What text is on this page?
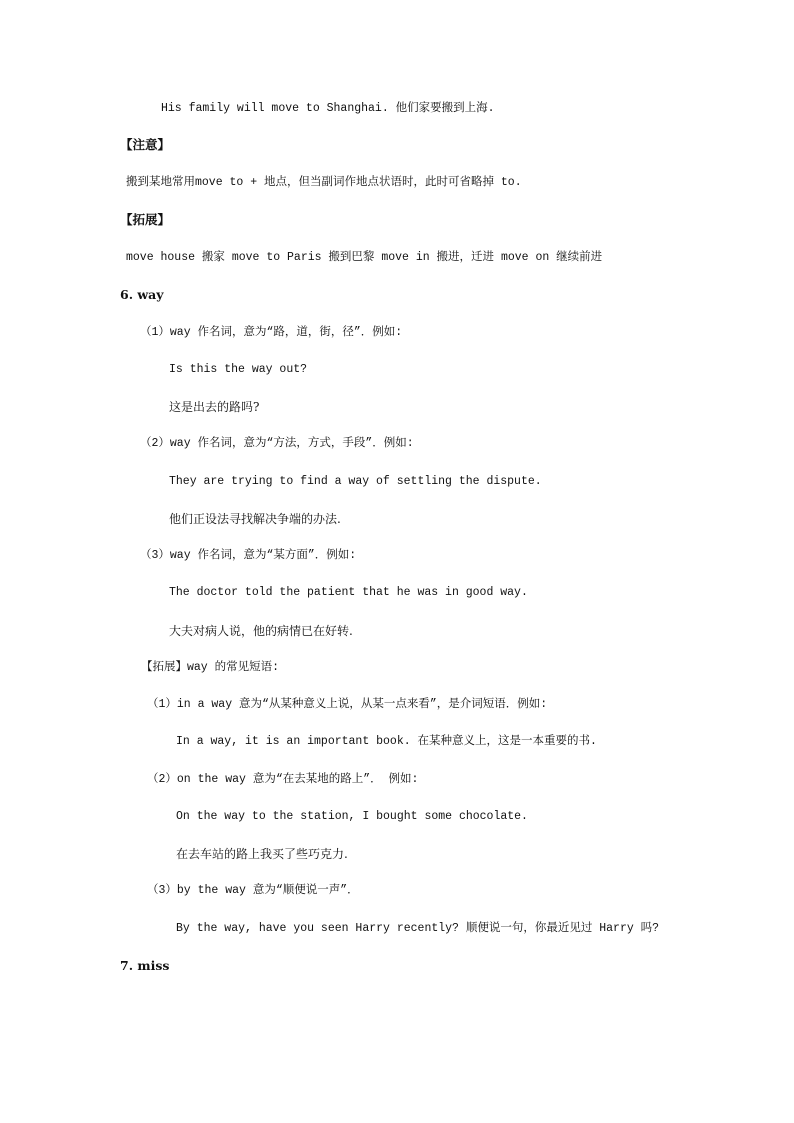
His family will move to Shanghai. 他们家要搬到上海.
【注意】
搬到某地常用move to + 地点，但当副词作地点状语时，此时可省略掉 to.
【拓展】
move house 搬家 move to Paris 搬到巴黎 move in 搬进，迁进 move on 继续前进
6. way
（1）way 作名词，意为“路，道，街，径”．例如:
Is this the way out?
这是出去的路吗?
（2）way 作名词，意为“方法，方式，手段”．例如:
They are trying to find a way of settling the dispute.
他们正设法寻找解决争端的办法.
（3）way 作名词，意为“某方面”．例如:
The doctor told the patient that he was in good way.
大夫对病人说，他的病情已在好转.
【拓展】way 的常见短语:
（1）in a way 意为“从某种意义上说，从某一点来看”，是介词短语．例如:
In a way, it is an important book. 在某种意义上，这是一本重要的书.
（2）on the way 意为“在去某地的路上”． 例如:
On the way to the station, I bought some chocolate.
在去车站的路上我买了些巧克力.
（3）by the way 意为“顺便说一声”．
By the way, have you seen Harry recently? 顺便说一句，你最近见过 Harry 吗?
7. miss
